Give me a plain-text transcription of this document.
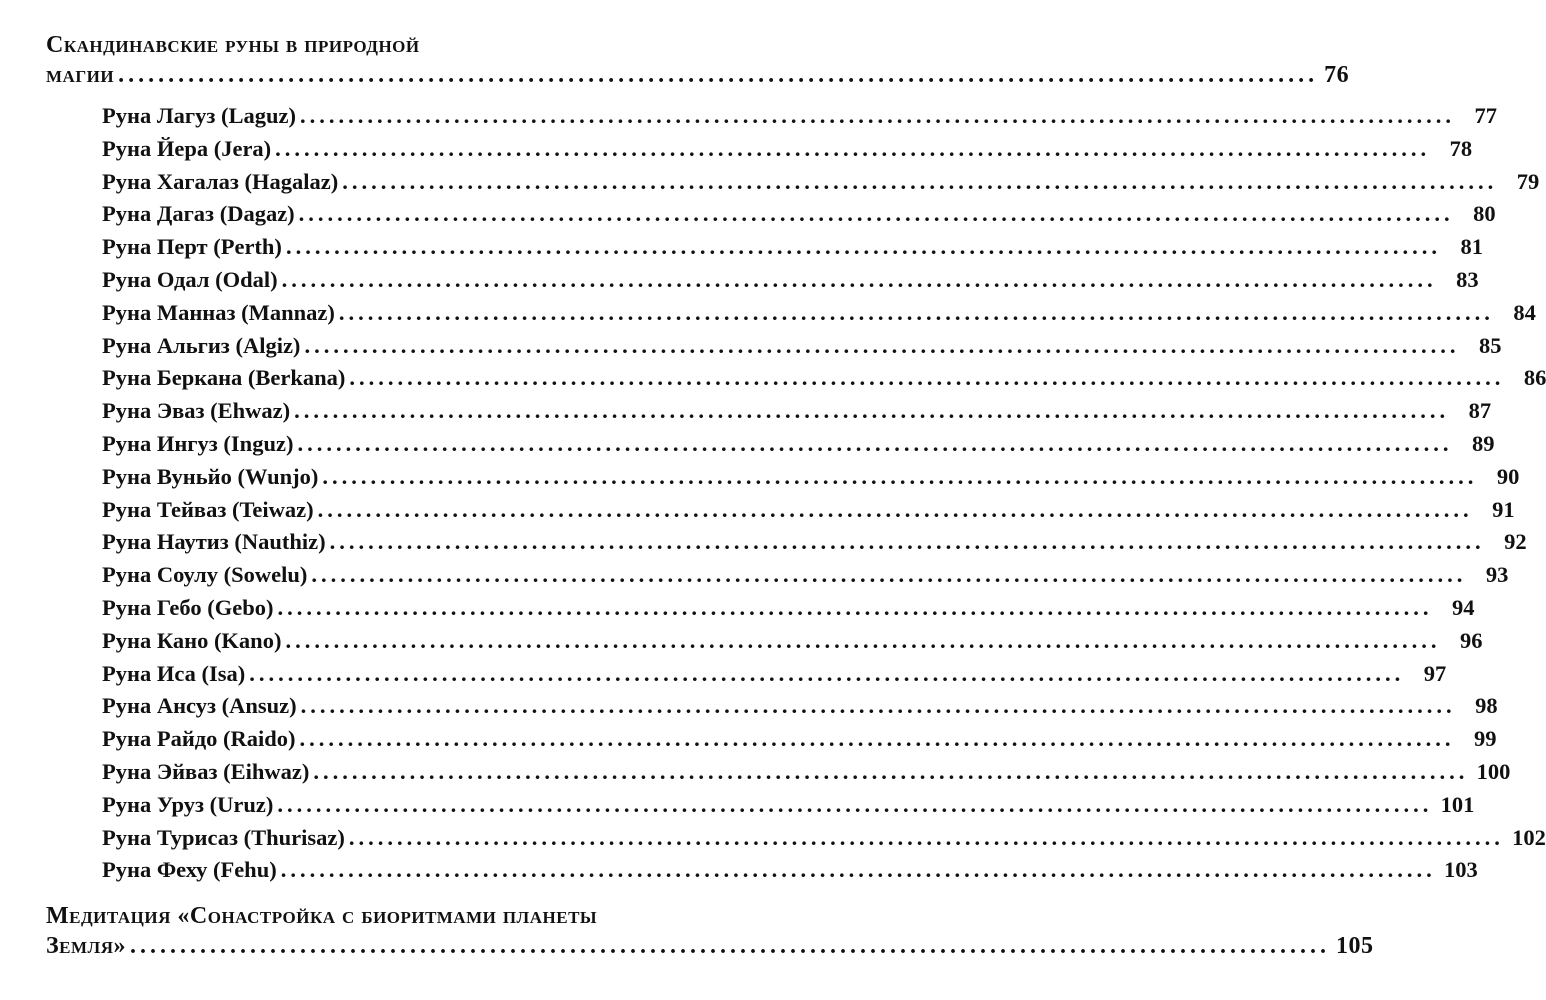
Скандинавские руны в природной
магии ........................................................................................................................ 76
Руна Лагуз (Laguz) ........................................................................................................................ 77
Руна Йера (Jera) ........................................................................................................................ 78
Руна Хагалаз (Hagalaz) ........................................................................................................................ 79
Руна Дагаз (Dagaz) ........................................................................................................................ 80
Руна Перт (Perth) ........................................................................................................................ 81
Руна Одал (Odal) ........................................................................................................................ 83
Руна Манназ (Mannaz) ........................................................................................................................ 84
Руна Альгиз (Algiz) ........................................................................................................................ 85
Руна Беркана (Berkana) ........................................................................................................................ 86
Руна Эваз (Ehwaz) ........................................................................................................................ 87
Руна Ингуз (Inguz) ........................................................................................................................ 89
Руна Вуньйо (Wunjo) ........................................................................................................................ 90
Руна Тейваз (Teiwaz) ........................................................................................................................ 91
Руна Наутиз (Nauthiz) ........................................................................................................................ 92
Руна Соулу (Sowelu) ........................................................................................................................ 93
Руна Гебо (Gebo) ........................................................................................................................ 94
Руна Кано (Kano) ........................................................................................................................ 96
Руна Иса (Isa) ........................................................................................................................ 97
Руна Ансуз (Ansuz) ........................................................................................................................ 98
Руна Райдо (Raido) ........................................................................................................................ 99
Руна Эйваз (Eihwaz) ........................................................................................................................ 100
Руна Уруз (Uruz) ........................................................................................................................ 101
Руна Турисаз (Thurisaz) ........................................................................................................................ 102
Руна Феху (Fehu) ........................................................................................................................ 103
Медитация «Сонастройка с биоритмами планеты
Земля» ........................................................................................................................ 105
